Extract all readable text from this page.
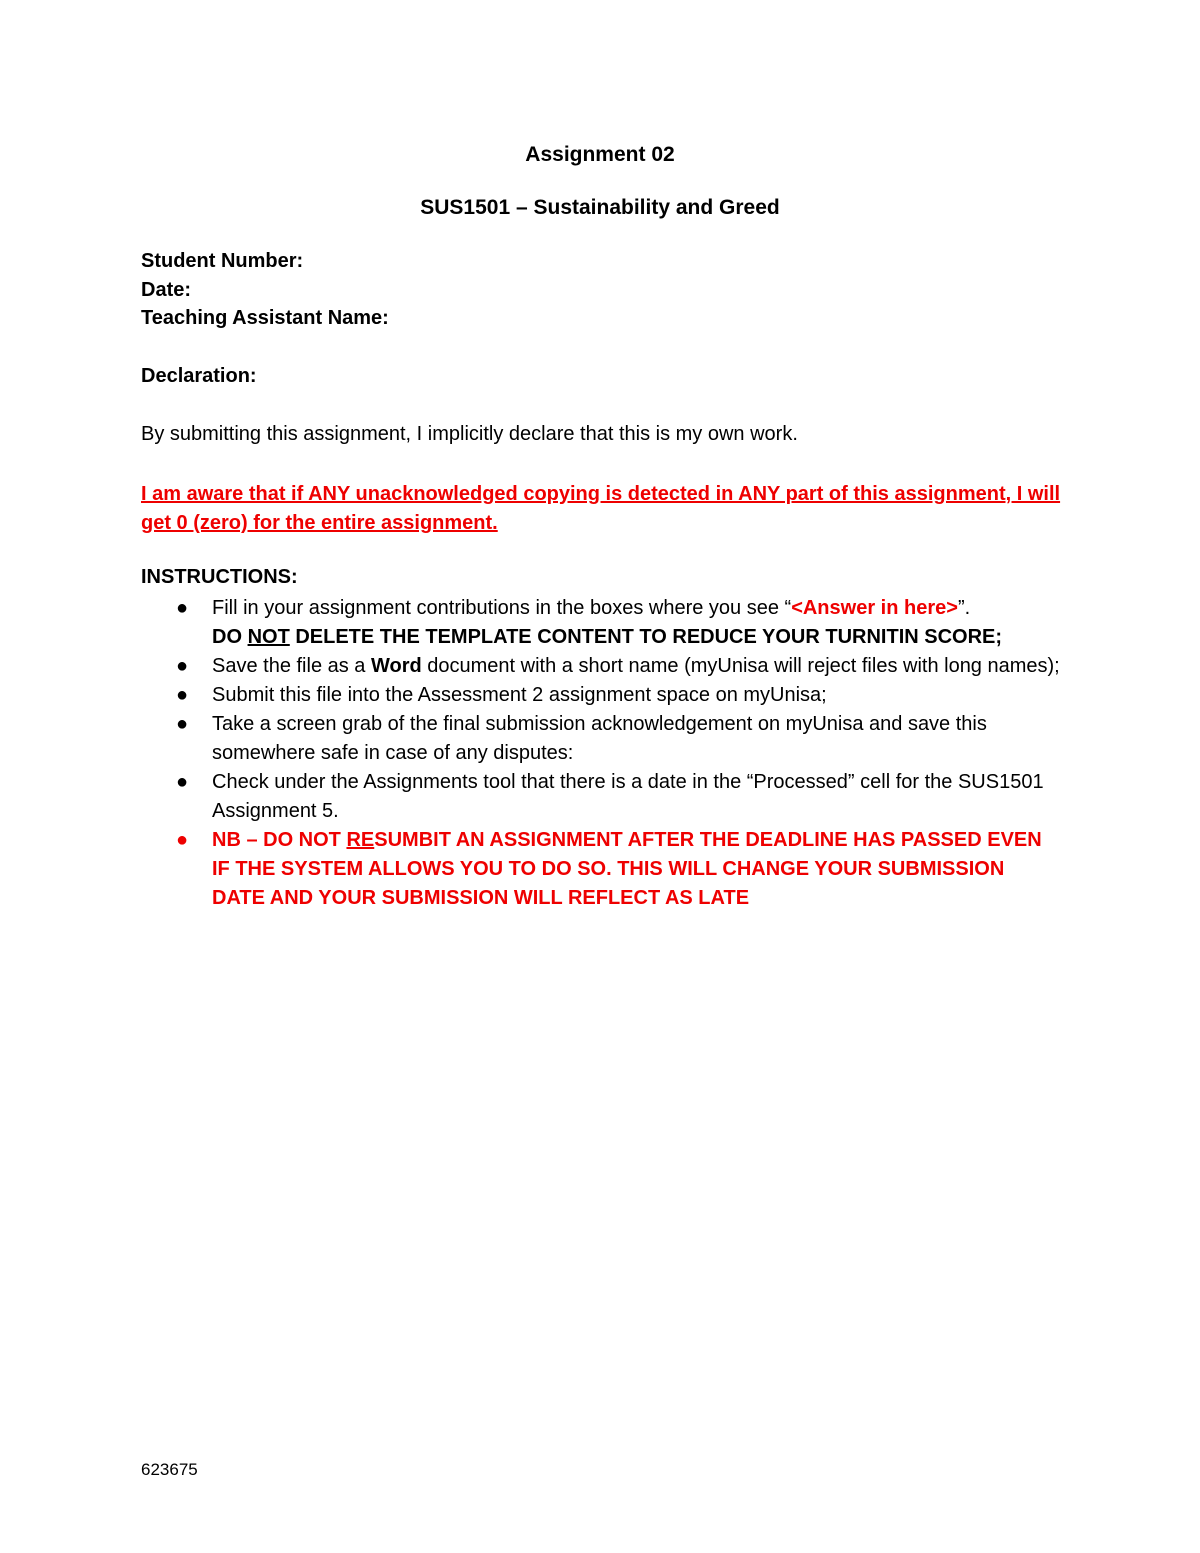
Assignment 02
SUS1501 – Sustainability and Greed
Student Number:
Date:
Teaching Assistant Name:
Declaration:
By submitting this assignment, I implicitly declare that this is my own work.
I am aware that if ANY unacknowledged copying is detected in ANY part of this assignment, I will get 0 (zero) for the entire assignment.
INSTRUCTIONS:
● Fill in your assignment contributions in the boxes where you see “<Answer in here>”.
DO NOT DELETE THE TEMPLATE CONTENT TO REDUCE YOUR TURNITIN SCORE;
● Save the file as a Word document with a short name (myUnisa will reject files with long names);
● Submit this file into the Assessment 2 assignment space on myUnisa;
● Take a screen grab of the final submission acknowledgement on myUnisa and save this somewhere safe in case of any disputes:
● Check under the Assignments tool that there is a date in the “Processed” cell for the SUS1501 Assignment 5.
● NB – DO NOT RESUMBIT AN ASSIGNMENT AFTER THE DEADLINE HAS PASSED EVEN IF THE SYSTEM ALLOWS YOU TO DO SO. THIS WILL CHANGE YOUR SUBMISSION DATE AND YOUR SUBMISSION WILL REFLECT AS LATE
623675
